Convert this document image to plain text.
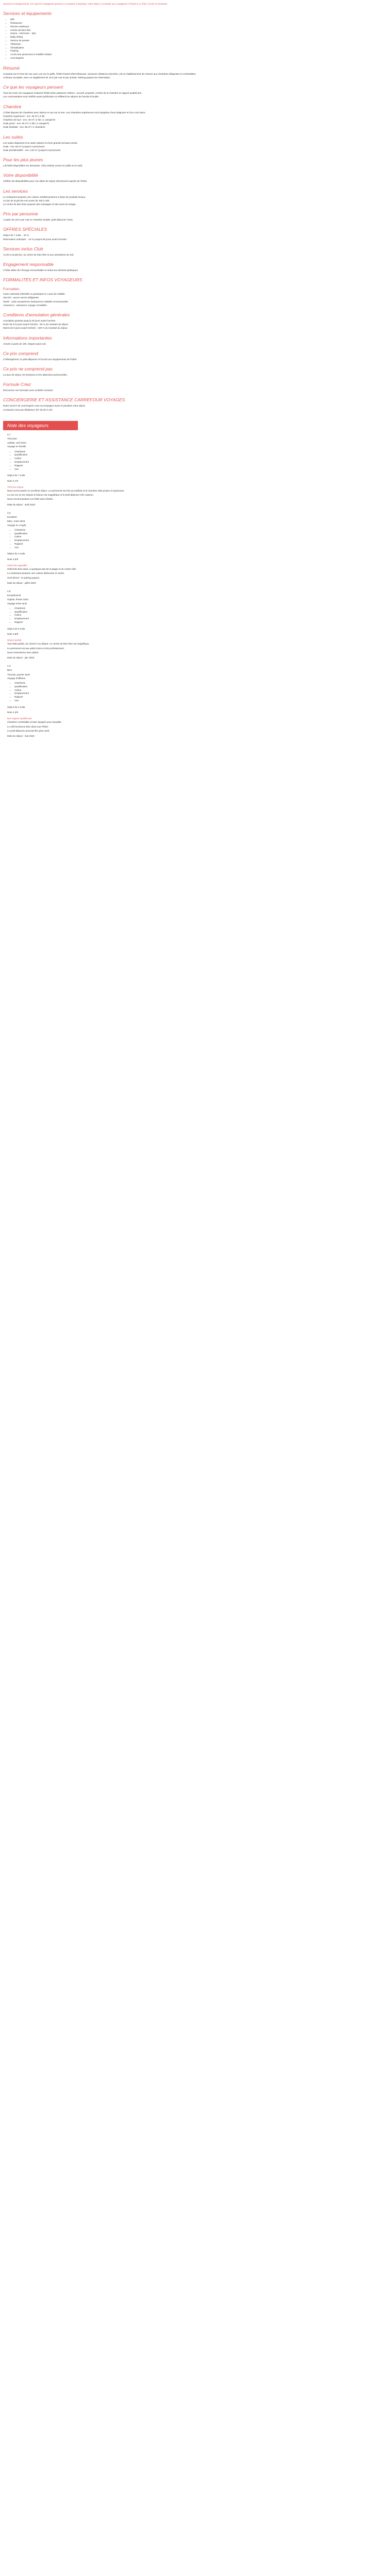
Services et équipements | Ce que les voyageurs pensent | La Marina Camping | Votre séjour | Conseils aux voyageurs | Photos | Le Gîte | Accès et transport
Services et équipements
• Wifi
• Restaurant
• Piscine extérieure
• Centre de bien-être
• Sauna · Hammam · Spa
• Baby-sitting
• Service de presse
• Télévision
• Climatisation
• Parking
• Accès aux personnes à mobilité réduite
• Conciergerie
Résumé
Construit sur le front de mer avec vue sur le golfe, l'hôtel Grand Hôtel Miramare, ancienne résidence princière, est un établissement de charme aux chambres élégantes et confortables.
Animaux acceptés, avec un supplément de 15 € par nuit et par animal. Parking payant sur réservation.
Ce que les voyageurs pensent
Tous les mois, les voyageurs évaluent l'hôtel selon plusieurs critères : accueil, propreté, confort de la chambre et rapport qualité-prix.
Les commentaires sont vérifiés avant publication et reflètent les séjours de l'année écoulée.
Chambre
L'hôtel dispose de chambres avec balcon et vue sur la mer. Les chambres supérieures sont équipées d'une baignoire et d'un coin salon.
Chambre supérieure : env. 30 m² | 2 lits
Chambre de luxe : env. 40 m² | 2 lits | 1 canapé-lit
Suite junior : env. 55 m² | 2 lits | 1 canapé-lit
Suite familiale : env. 65 m² | 2 chambres
Les suites
Les suites disposent d'un salon séparé et d'une grande terrasse privée.
Suite : env. 80 m² | jusqu'à 4 personnes
Suite présidentielle : env. 120 m² | jusqu'à 6 personnes
Pour les plus jeunes
Lits bébé disponibles sur demande. Club enfants ouvert en juillet et en août.
Votre disponibilité
Vérifiez les disponibilités pour vos dates de séjour directement auprès de l'hôtel.
Les services
Le restaurant propose une cuisine méditerranéenne à base de produits locaux.
Le bar de la piscine est ouvert de 10h à 19h.
Le centre de bien-être propose des massages et des soins du visage.
Prix par personne
À partir de 120 € par nuit en chambre double, petit-déjeuner inclus.
OFFRES SPÉCIALES
Séjour de 7 nuits : -10 %
Réservation anticipée : -15 % jusqu'à 60 jours avant l'arrivée
Services inclus Club
Accès à la piscine, au centre de bien-être et aux animations du soir.
Engagement responsable
L'hôtel utilise de l'énergie renouvelable et réduit ses déchets plastiques.
FORMALITÉS ET INFOS VOYAGEURS
Formalités
Carte nationale d'identité ou passeport en cours de validité.
Vaccins : aucun vaccin obligatoire.
Santé : carte européenne d'assurance maladie recommandée.
Assurance : assurance voyage conseillée.
Conditions d'annulation générales
Annulation gratuite jusqu'à 30 jours avant l'arrivée.
Entre 30 et 8 jours avant l'arrivée : 50 % du montant du séjour.
Moins de 8 jours avant l'arrivée : 100 % du montant du séjour.
Informations importantes
Arrivée à partir de 15h. Départ avant 11h.
Ce prix comprend
L'hébergement, le petit-déjeuner et l'accès aux équipements de l'hôtel.
Ce prix ne comprend pas
La taxe de séjour, les boissons et les dépenses personnelles.
Formule Criez
Découvrez nos formules avec activités incluses.
CONCIERGERIE ET ASSISTANCE CARREFOUR VOYAGES
Notre service de conciergerie vous accompagne avant et pendant votre séjour.
Contactez-nous par téléphone 7j/7 de 9h à 21h.
Note des voyageurs
4,7
Très bien
Juliette, avril 2024
Voyage en famille
• Chambres
• Qualification
• Calme
• Emplacement
• Rapport
• Vue
Séjour de 7 nuits
Note 4,7/5
Très bon séjour
Nous avons passé un excellent séjour. Le personnel est très accueillant et la chambre était propre et spacieuse.
La vue sur la mer depuis le balcon est magnifique et le petit-déjeuner très copieux.
Nous recommandons cet hôtel sans hésiter.
Date du séjour : août 2023
4,5
Excellent
Marc, mars 2024
Voyage en couple
• Chambres
• Qualification
• Calme
• Emplacement
• Rapport
• Vue
Séjour de 4 nuits
Note 4,5/5
Hôtel très agréable
Hôtel très bien situé, à quelques pas de la plage et du centre-ville.
Le restaurant propose une cuisine délicieuse et variée.
Seul bémol : le parking payant.
Date du séjour : juillet 2023
4,8
Exceptionnel
Sophie, février 2024
Voyage entre amis
• Chambres
• Qualification
• Calme
• Emplacement
• Rapport
Séjour de 5 nuits
Note 4,8/5
Séjour parfait
Tout était parfait, du check-in au départ. Le centre de bien-être est magnifique.
Le personnel est aux petits soins et très professionnel.
Nous reviendrons avec plaisir.
Date du séjour : juin 2023
4,3
Bien
Thomas, janvier 2024
Voyage d'affaires
• Chambres
• Qualification
• Calme
• Emplacement
• Rapport
• Vue
Séjour de 2 nuits
Note 4,3/5
Bon rapport qualité-prix
Chambre confortable et bien équipée pour travailler.
Le wifi fonctionne bien dans tout l'hôtel.
Le petit-déjeuner pourrait être plus varié.
Date du séjour : mai 2023
